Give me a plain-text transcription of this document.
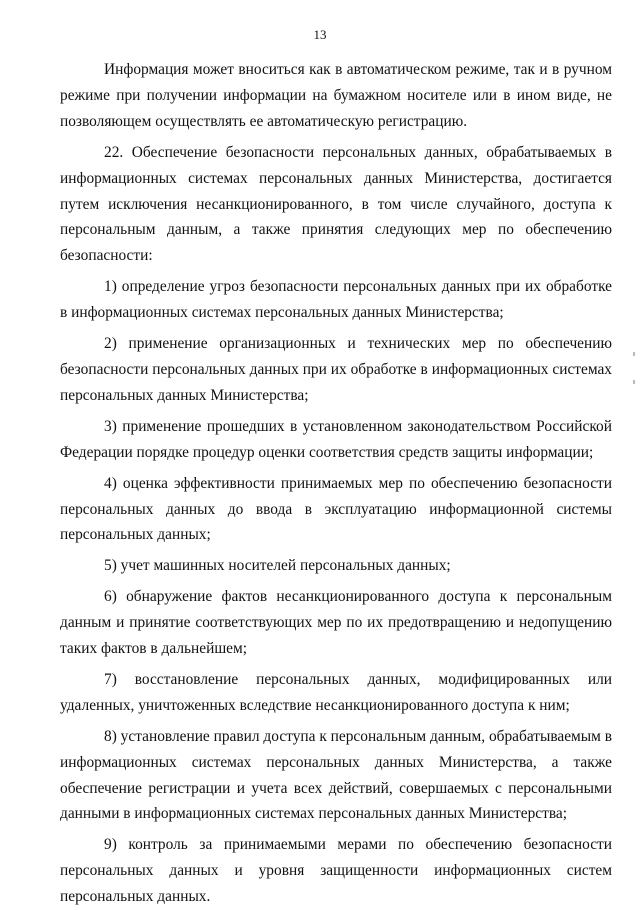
13

Информация может вноситься как в автоматическом режиме, так и в ручном режиме при получении информации на бумажном носителе или в ином виде, не позволяющем осуществлять ее автоматическую регистрацию.

22. Обеспечение безопасности персональных данных, обрабатываемых в информационных системах персональных данных Министерства, достигается путем исключения несанкционированного, в том числе случайного, доступа к персональным данным, а также принятия следующих мер по обеспечению безопасности:

1) определение угроз безопасности персональных данных при их обработке в информационных системах персональных данных Министерства;

2) применение организационных и технических мер по обеспечению безопасности персональных данных при их обработке в информационных системах персональных данных Министерства;

3) применение прошедших в установленном законодательством Российской Федерации порядке процедур оценки соответствия средств защиты информации;

4) оценка эффективности принимаемых мер по обеспечению безопасности персональных данных до ввода в эксплуатацию информационной системы персональных данных;

5) учет машинных носителей персональных данных;

6) обнаружение фактов несанкционированного доступа к персональным данным и принятие соответствующих мер по их предотвращению и недопущению таких фактов в дальнейшем;

7) восстановление персональных данных, модифицированных или удаленных, уничтоженных вследствие несанкционированного доступа к ним;

8) установление правил доступа к персональным данным, обрабатываемым в информационных системах персональных данных Министерства, а также обеспечение регистрации и учета всех действий, совершаемых с персональными данными в информационных системах персональных данных Министерства;

9) контроль за принимаемыми мерами по обеспечению безопасности персональных данных и уровня защищенности информационных систем персональных данных.
